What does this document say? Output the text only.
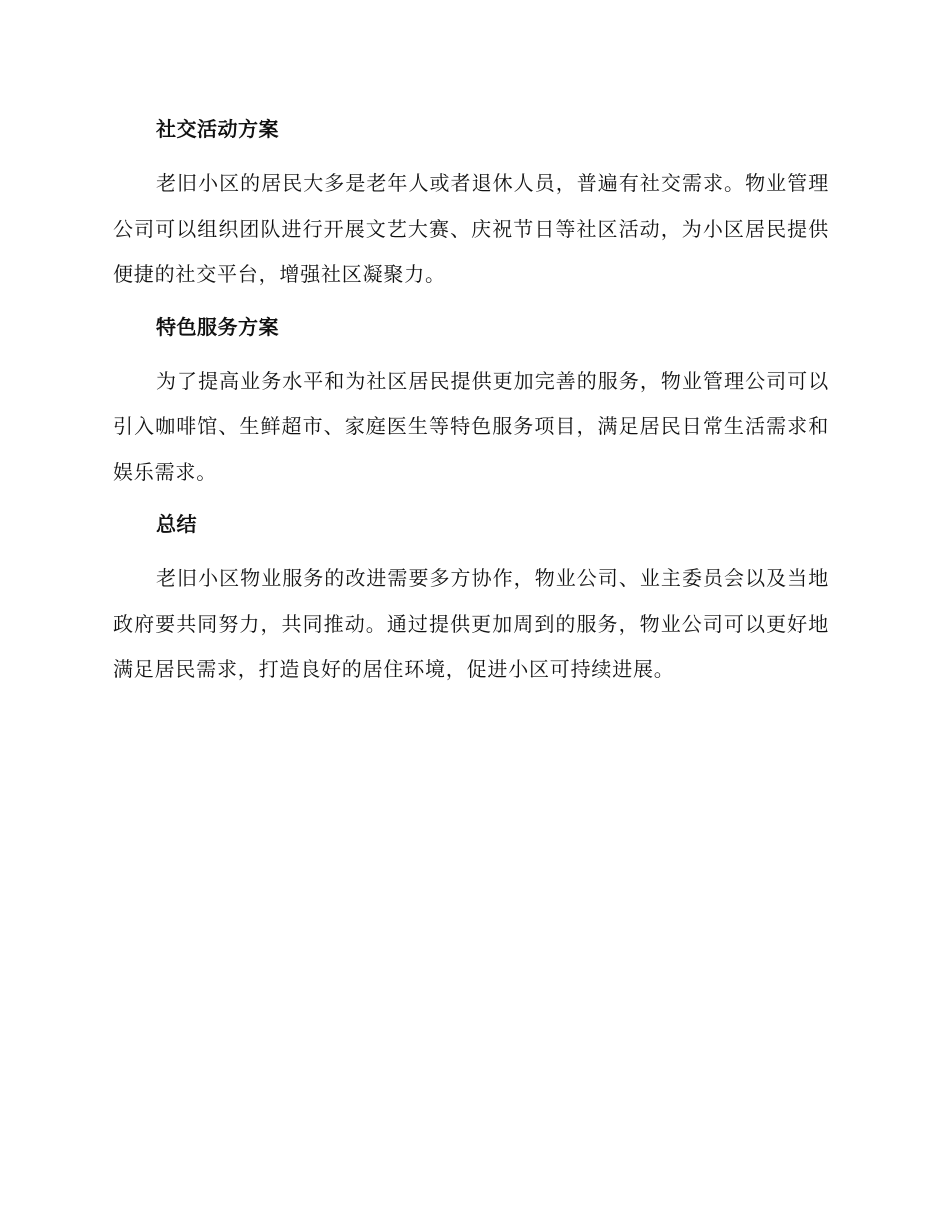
社交活动方案

老旧小区的居民大多是老年人或者退休人员，普遍有社交需求。物业管理公司可以组织团队进行开展文艺大赛、庆祝节日等社区活动，为小区居民提供便捷的社交平台，增强社区凝聚力。

特色服务方案

为了提高业务水平和为社区居民提供更加完善的服务，物业管理公司可以引入咖啡馆、生鲜超市、家庭医生等特色服务项目，满足居民日常生活需求和娱乐需求。

总结

老旧小区物业服务的改进需要多方协作，物业公司、业主委员会以及当地政府要共同努力，共同推动。通过提供更加周到的服务，物业公司可以更好地满足居民需求，打造良好的居住环境，促进小区可持续进展。
